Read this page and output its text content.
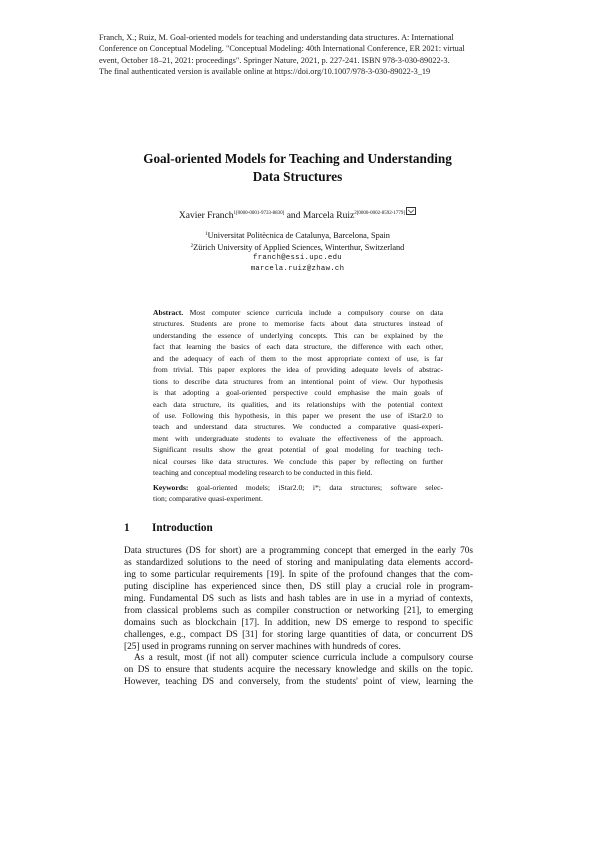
Franch, X.; Ruiz, M. Goal-oriented models for teaching and understanding data structures. A: International
Conference on Conceptual Modeling. "Conceptual Modeling: 40th International Conference, ER 2021: virtual
event, October 18–21, 2021: proceedings". Springer Nature, 2021, p. 227-241. ISBN 978-3-030-89022-3.
The final authenticated version is available online at https://doi.org/10.1007/978-3-030-89022-3_19
Goal-oriented Models for Teaching and Understanding
Data Structures
Xavier Franch$^{1[0000-0001-9733-8830]}$ and Marcela Ruiz$^{2[0000-0002-8592-1779]}$
$^1$Universitat Politècnica de Catalunya, Barcelona, Spain
$^2$Zürich University of Applied Sciences, Winterthur, Switzerland
franch@essi.upc.edu
marcela.ruiz@zhaw.ch
Abstract. Most computer science curricula include a compulsory course on data
structures. Students are prone to memorise facts about data structures instead of
understanding the essence of underlying concepts. This can be explained by the
fact that learning the basics of each data structure, the difference with each other,
and the adequacy of each of them to the most appropriate context of use, is far
from trivial. This paper explores the idea of providing adequate levels of abstrac-
tions to describe data structures from an intentional point of view. Our hypothesis
is that adopting a goal-oriented perspective could emphasise the main goals of
each data structure, its qualities, and its relationships with the potential context
of use. Following this hypothesis, in this paper we present the use of iStar2.0 to
teach and understand data structures. We conducted a comparative quasi-experi-
ment with undergraduate students to evaluate the effectiveness of the approach.
Significant results show the great potential of goal modeling for teaching tech-
nical courses like data structures. We conclude this paper by reflecting on further
teaching and conceptual modeling research to be conducted in this field.
Keywords: goal-oriented models; iStar2.0; i*; data structures; software selec-
tion; comparative quasi-experiment.
1 Introduction
Data structures (DS for short) are a programming concept that emerged in the early 70s
as standardized solutions to the need of storing and manipulating data elements accord-
ing to some particular requirements [19]. In spite of the profound changes that the com-
puting discipline has experienced since then, DS still play a crucial role in program-
ming. Fundamental DS such as lists and hash tables are in use in a myriad of contexts,
from classical problems such as compiler construction or networking [21], to emerging
domains such as blockchain [17]. In addition, new DS emerge to respond to specific
challenges, e.g., compact DS [31] for storing large quantities of data, or concurrent DS
[25] used in programs running on server machines with hundreds of cores.
As a result, most (if not all) computer science curricula include a compulsory course
on DS to ensure that students acquire the necessary knowledge and skills on the topic.
However, teaching DS and conversely, from the students' point of view, learning the
